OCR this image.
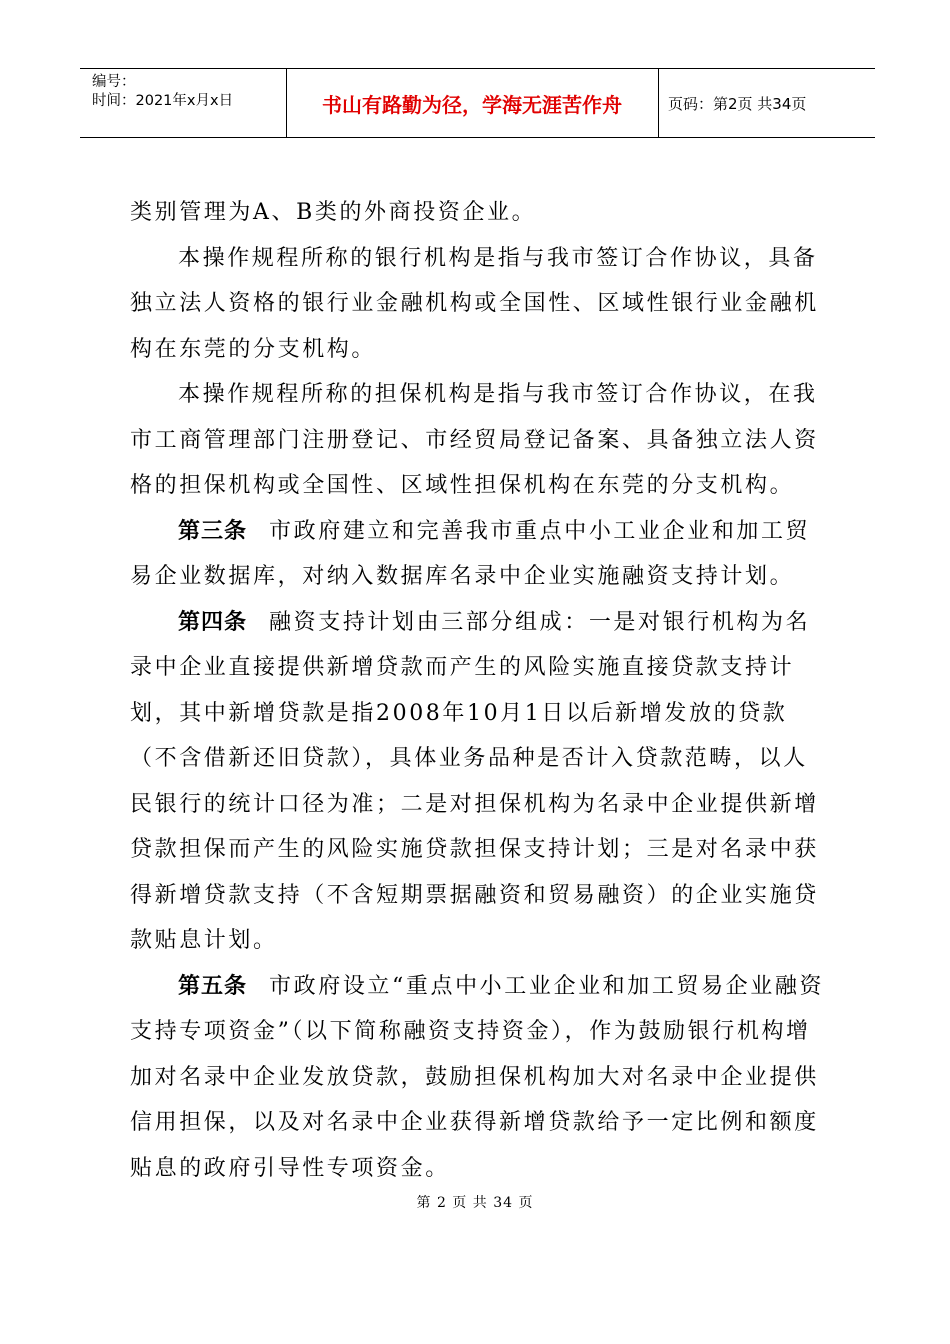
编号：
时间：2021年x月x日	书山有路勤为径，学海无涯苦作舟	页码：第2页 共34页

类别管理为A、B类的外商投资企业。

本操作规程所称的银行机构是指与我市签订合作协议，具备独立法人资格的银行业金融机构或全国性、区域性银行业金融机构在东莞的分支机构。

本操作规程所称的担保机构是指与我市签订合作协议，在我市工商管理部门注册登记、市经贸局登记备案、具备独立法人资格的担保机构或全国性、区域性担保机构在东莞的分支机构。

第三条 市政府建立和完善我市重点中小工业企业和加工贸易企业数据库，对纳入数据库名录中企业实施融资支持计划。

第四条 融资支持计划由三部分组成：一是对银行机构为名录中企业直接提供新增贷款而产生的风险实施直接贷款支持计划，其中新增贷款是指2008年10月1日以后新增发放的贷款（不含借新还旧贷款），具体业务品种是否计入贷款范畴，以人民银行的统计口径为准；二是对担保机构为名录中企业提供新增贷款担保而产生的风险实施贷款担保支持计划；三是对名录中获得新增贷款支持（不含短期票据融资和贸易融资）的企业实施贷款贴息计划。

第五条 市政府设立“重点中小工业企业和加工贸易企业融资支持专项资金”（以下简称融资支持资金），作为鼓励银行机构增加对名录中企业发放贷款，鼓励担保机构加大对名录中企业提供信用担保，以及对名录中企业获得新增贷款给予一定比例和额度贴息的政府引导性专项资金。

第 2 页 共 34 页
